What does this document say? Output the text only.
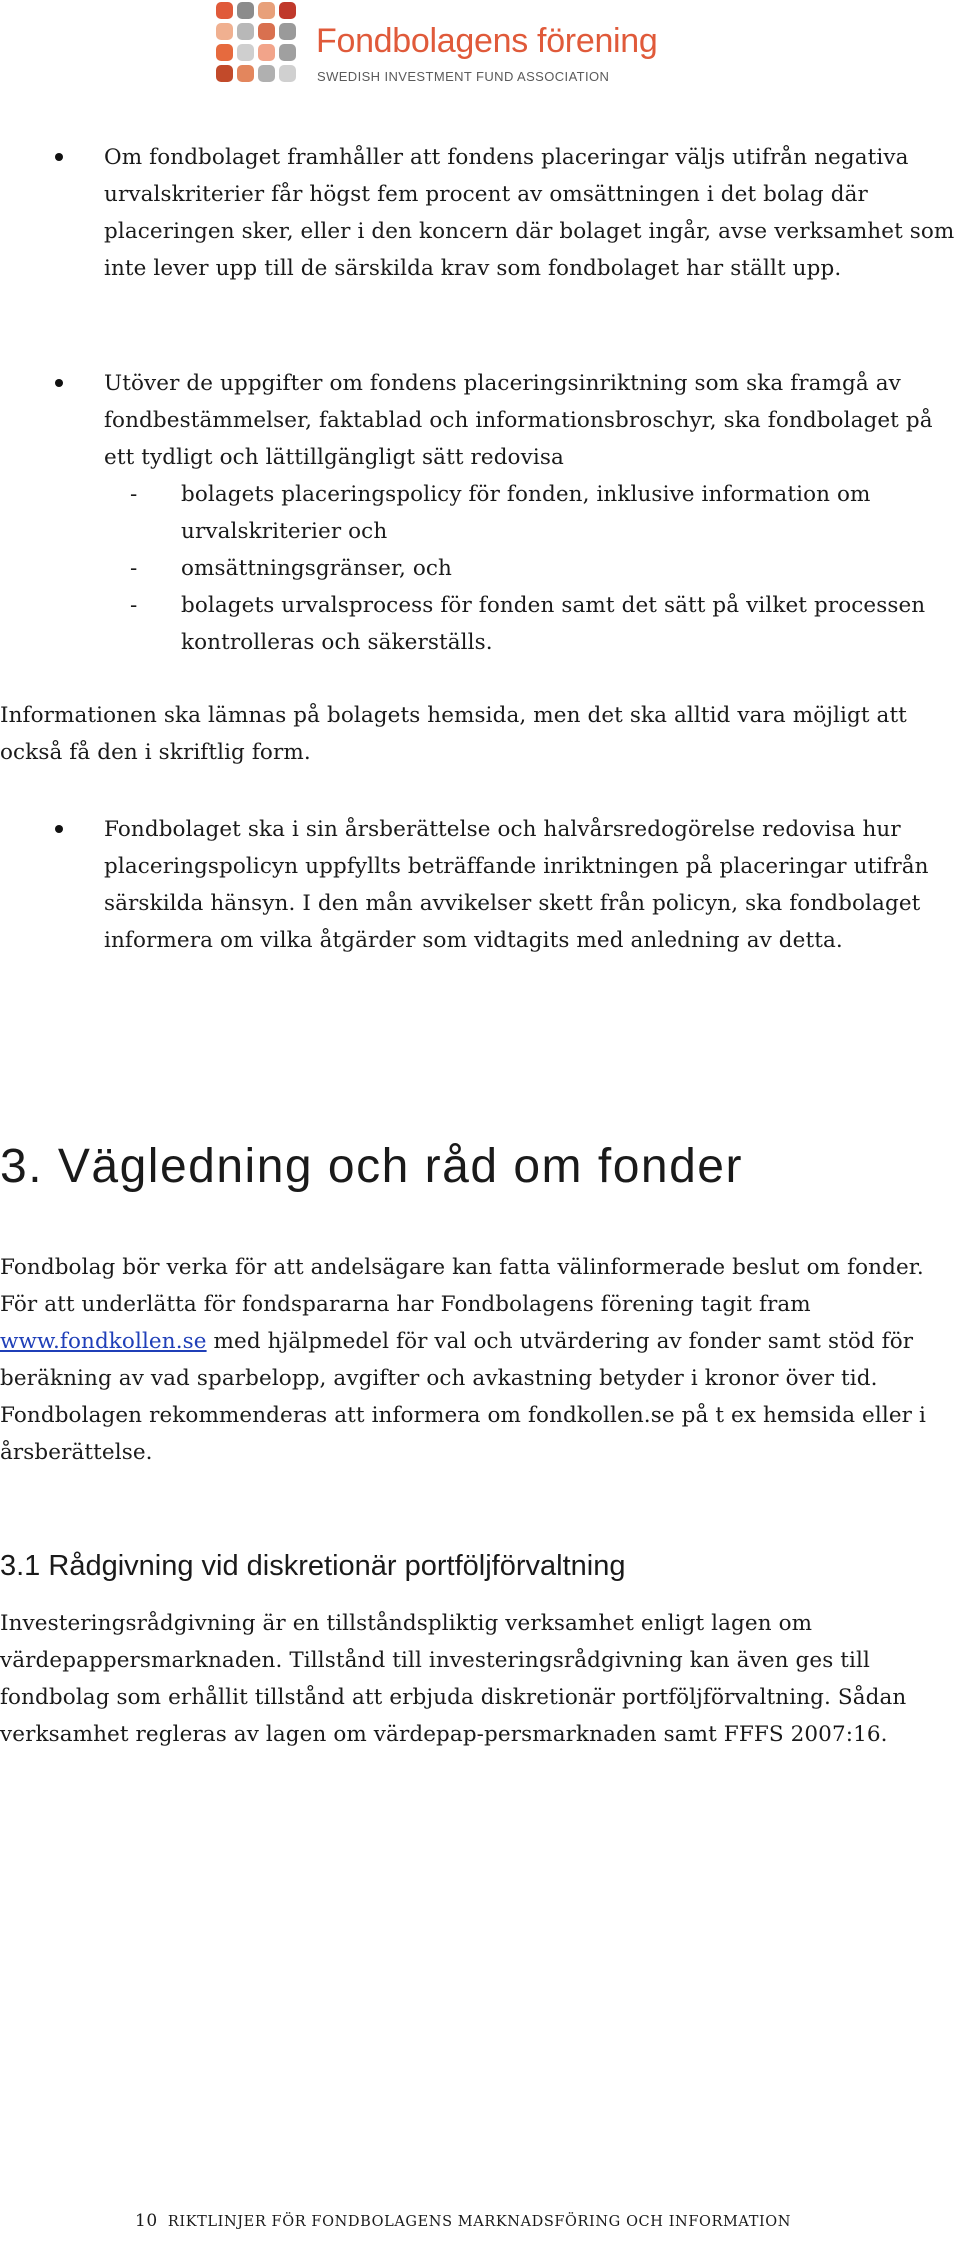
Fondbolagens förening
SWEDISH INVESTMENT FUND ASSOCIATION

Om fondbolaget framhåller att fondens placeringar väljs utifrån negativa urvalskriterier får högst fem procent av omsättningen i det bolag där placeringen sker, eller i den koncern där bolaget ingår, avse verksamhet som inte lever upp till de särskilda krav som fondbolaget har ställt upp.

Utöver de uppgifter om fondens placeringsinriktning som ska framgå av fondbestämmelser, faktablad och informationsbroschyr, ska fondbolaget på ett tydligt och lättillgängligt sätt redovisa

- bolagets placeringspolicy för fonden, inklusive information om urvalskriterier och

- omsättningsgränser, och

- bolagets urvalsprocess för fonden samt det sätt på vilket processen kontrolleras och säkerställs.

Informationen ska lämnas på bolagets hemsida, men det ska alltid vara möjligt att också få den i skriftlig form.

Fondbolaget ska i sin årsberättelse och halvårsredogörelse redovisa hur placeringspolicyn uppfyllts beträffande inriktningen på placeringar utifrån särskilda hänsyn. I den mån avvikelser skett från policyn, ska fondbolaget informera om vilka åtgärder som vidtagits med anledning av detta.

3. Vägledning och råd om fonder

Fondbolag bör verka för att andelsägare kan fatta välinformerade beslut om fonder. För att underlätta för fondspararna har Fondbolagens förening tagit fram www.fondkollen.se med hjälpmedel för val och utvärdering av fonder samt stöd för beräkning av vad sparbelopp, avgifter och avkastning betyder i kronor över tid. Fondbolagen rekommenderas att informera om fondkollen.se på t ex hemsida eller i årsberättelse.

3.1 Rådgivning vid diskretionär portföljförvaltning

Investeringsrådgivning är en tillståndspliktig verksamhet enligt lagen om värdepappersmarknaden. Tillstånd till investeringsrådgivning kan även ges till fondbolag som erhållit tillstånd att erbjuda diskretionär portföljförvaltning. Sådan verksamhet regleras av lagen om värdepap-persmarknaden samt FFFS 2007:16.

10 RIKTLINJER FÖR FONDBOLAGENS MARKNADSFÖRING OCH INFORMATION
